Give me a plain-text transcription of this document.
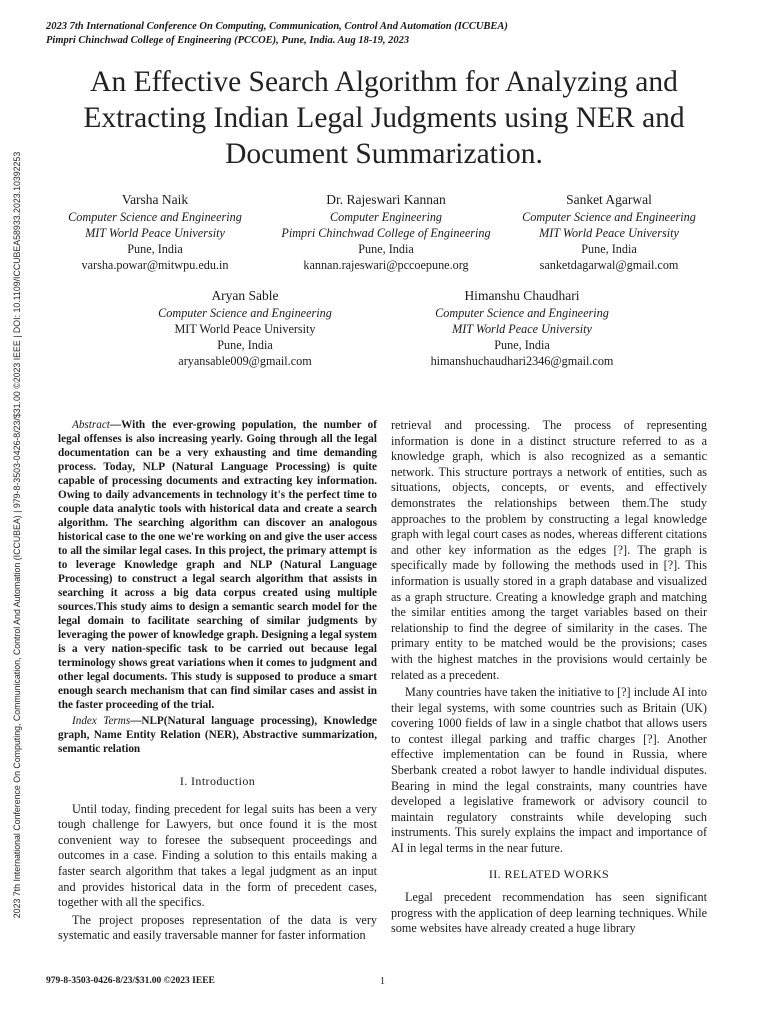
2023 7th International Conference On Computing, Communication, Control And Automation (ICCUBEA)
Pimpri Chinchwad College of Engineering (PCCOE), Pune, India. Aug 18-19, 2023
2023 7th International Conference On Computing, Communication, Control And Automation (ICCUBEA) | 979-8-3503-0426-8/23/$31.00 ©2023 IEEE | DOI: 10.1109/ICCUBEA58933.2023.10392253
An Effective Search Algorithm for Analyzing and Extracting Indian Legal Judgments using NER and Document Summarization.
Varsha Naik
Computer Science and Engineering
MIT World Peace University
Pune, India
varsha.powar@mitwpu.edu.in
Dr. Rajeswari Kannan
Computer Engineering
Pimpri Chinchwad College of Engineering
Pune, India
kannan.rajeswari@pccoepune.org
Sanket Agarwal
Computer Science and Engineering
MIT World Peace University
Pune, India
sanketdagarwal@gmail.com
Aryan Sable
Computer Science and Engineering
MIT World Peace University
Pune, India
aryansable009@gmail.com
Himanshu Chaudhari
Computer Science and Engineering
MIT World Peace University
Pune, India
himanshuchaudhari2346@gmail.com

Abstract—With the ever-growing population, the number of legal offenses is also increasing yearly. Going through all the legal documentation can be a very exhausting and time demanding process. Today, NLP (Natural Language Processing) is quite capable of processing documents and extracting key information. Owing to daily advancements in technology it's the perfect time to couple data analytic tools with historical data and create a search algorithm. The searching algorithm can discover an analogous historical case to the one we're working on and give the user access to all the similar legal cases. In this project, the primary attempt is to leverage Knowledge graph and NLP (Natural Language Processing) to construct a legal search algorithm that assists in searching it across a big data corpus created using multiple sources.This study aims to design a semantic search model for the legal domain to facilitate searching of similar judgments by leveraging the power of knowledge graph. Designing a legal system is a very nation-specific task to be carried out because legal terminology shows great variations when it comes to judgment and other legal documents. This study is supposed to produce a smart enough search mechanism that can find similar cases and assist in the faster proceeding of the trial.

Index Terms—NLP(Natural language processing), Knowledge graph, Name Entity Relation (NER), Abstractive summarization, semantic relation

I. Introduction

Until today, finding precedent for legal suits has been a very tough challenge for Lawyers, but once found it is the most convenient way to foresee the subsequent proceedings and outcomes in a case. Finding a solution to this entails making a faster search algorithm that takes a legal judgment as an input and provides historical data in the form of precedent cases, together with all the specifics.

The project proposes representation of the data is very systematic and easily traversable manner for faster information

retrieval and processing. The process of representing information is done in a distinct structure referred to as a knowledge graph, which is also recognized as a semantic network. This structure portrays a network of entities, such as situations, objects, concepts, or events, and effectively demonstrates the relationships between them.The study approaches to the problem by constructing a legal knowledge graph with legal court cases as nodes, whereas different citations and other key information as the edges [?]. The graph is specifically made by following the methods used in [?]. This information is usually stored in a graph database and visualized as a graph structure. Creating a knowledge graph and matching the similar entities among the target variables based on their relationship to find the degree of similarity in the cases. The primary entity to be matched would be the provisions; cases with the highest matches in the provisions would certainly be related as a precedent.

Many countries have taken the initiative to [?] include AI into their legal systems, with some countries such as Britain (UK) covering 1000 fields of law in a single chatbot that allows users to contest illegal parking and traffic charges [?]. Another effective implementation can be found in Russia, where Sberbank created a robot lawyer to handle individual disputes. Bearing in mind the legal constraints, many countries have developed a legislative framework or advisory council to maintain regulatory constraints while developing such instruments. This surely explains the impact and importance of AI in legal terms in the near future.

II. RELATED WORKS

Legal precedent recommendation has seen significant progress with the application of deep learning techniques. While some websites have already created a huge library

979-8-3503-0426-8/23/$31.00 ©2023 IEEE	1
